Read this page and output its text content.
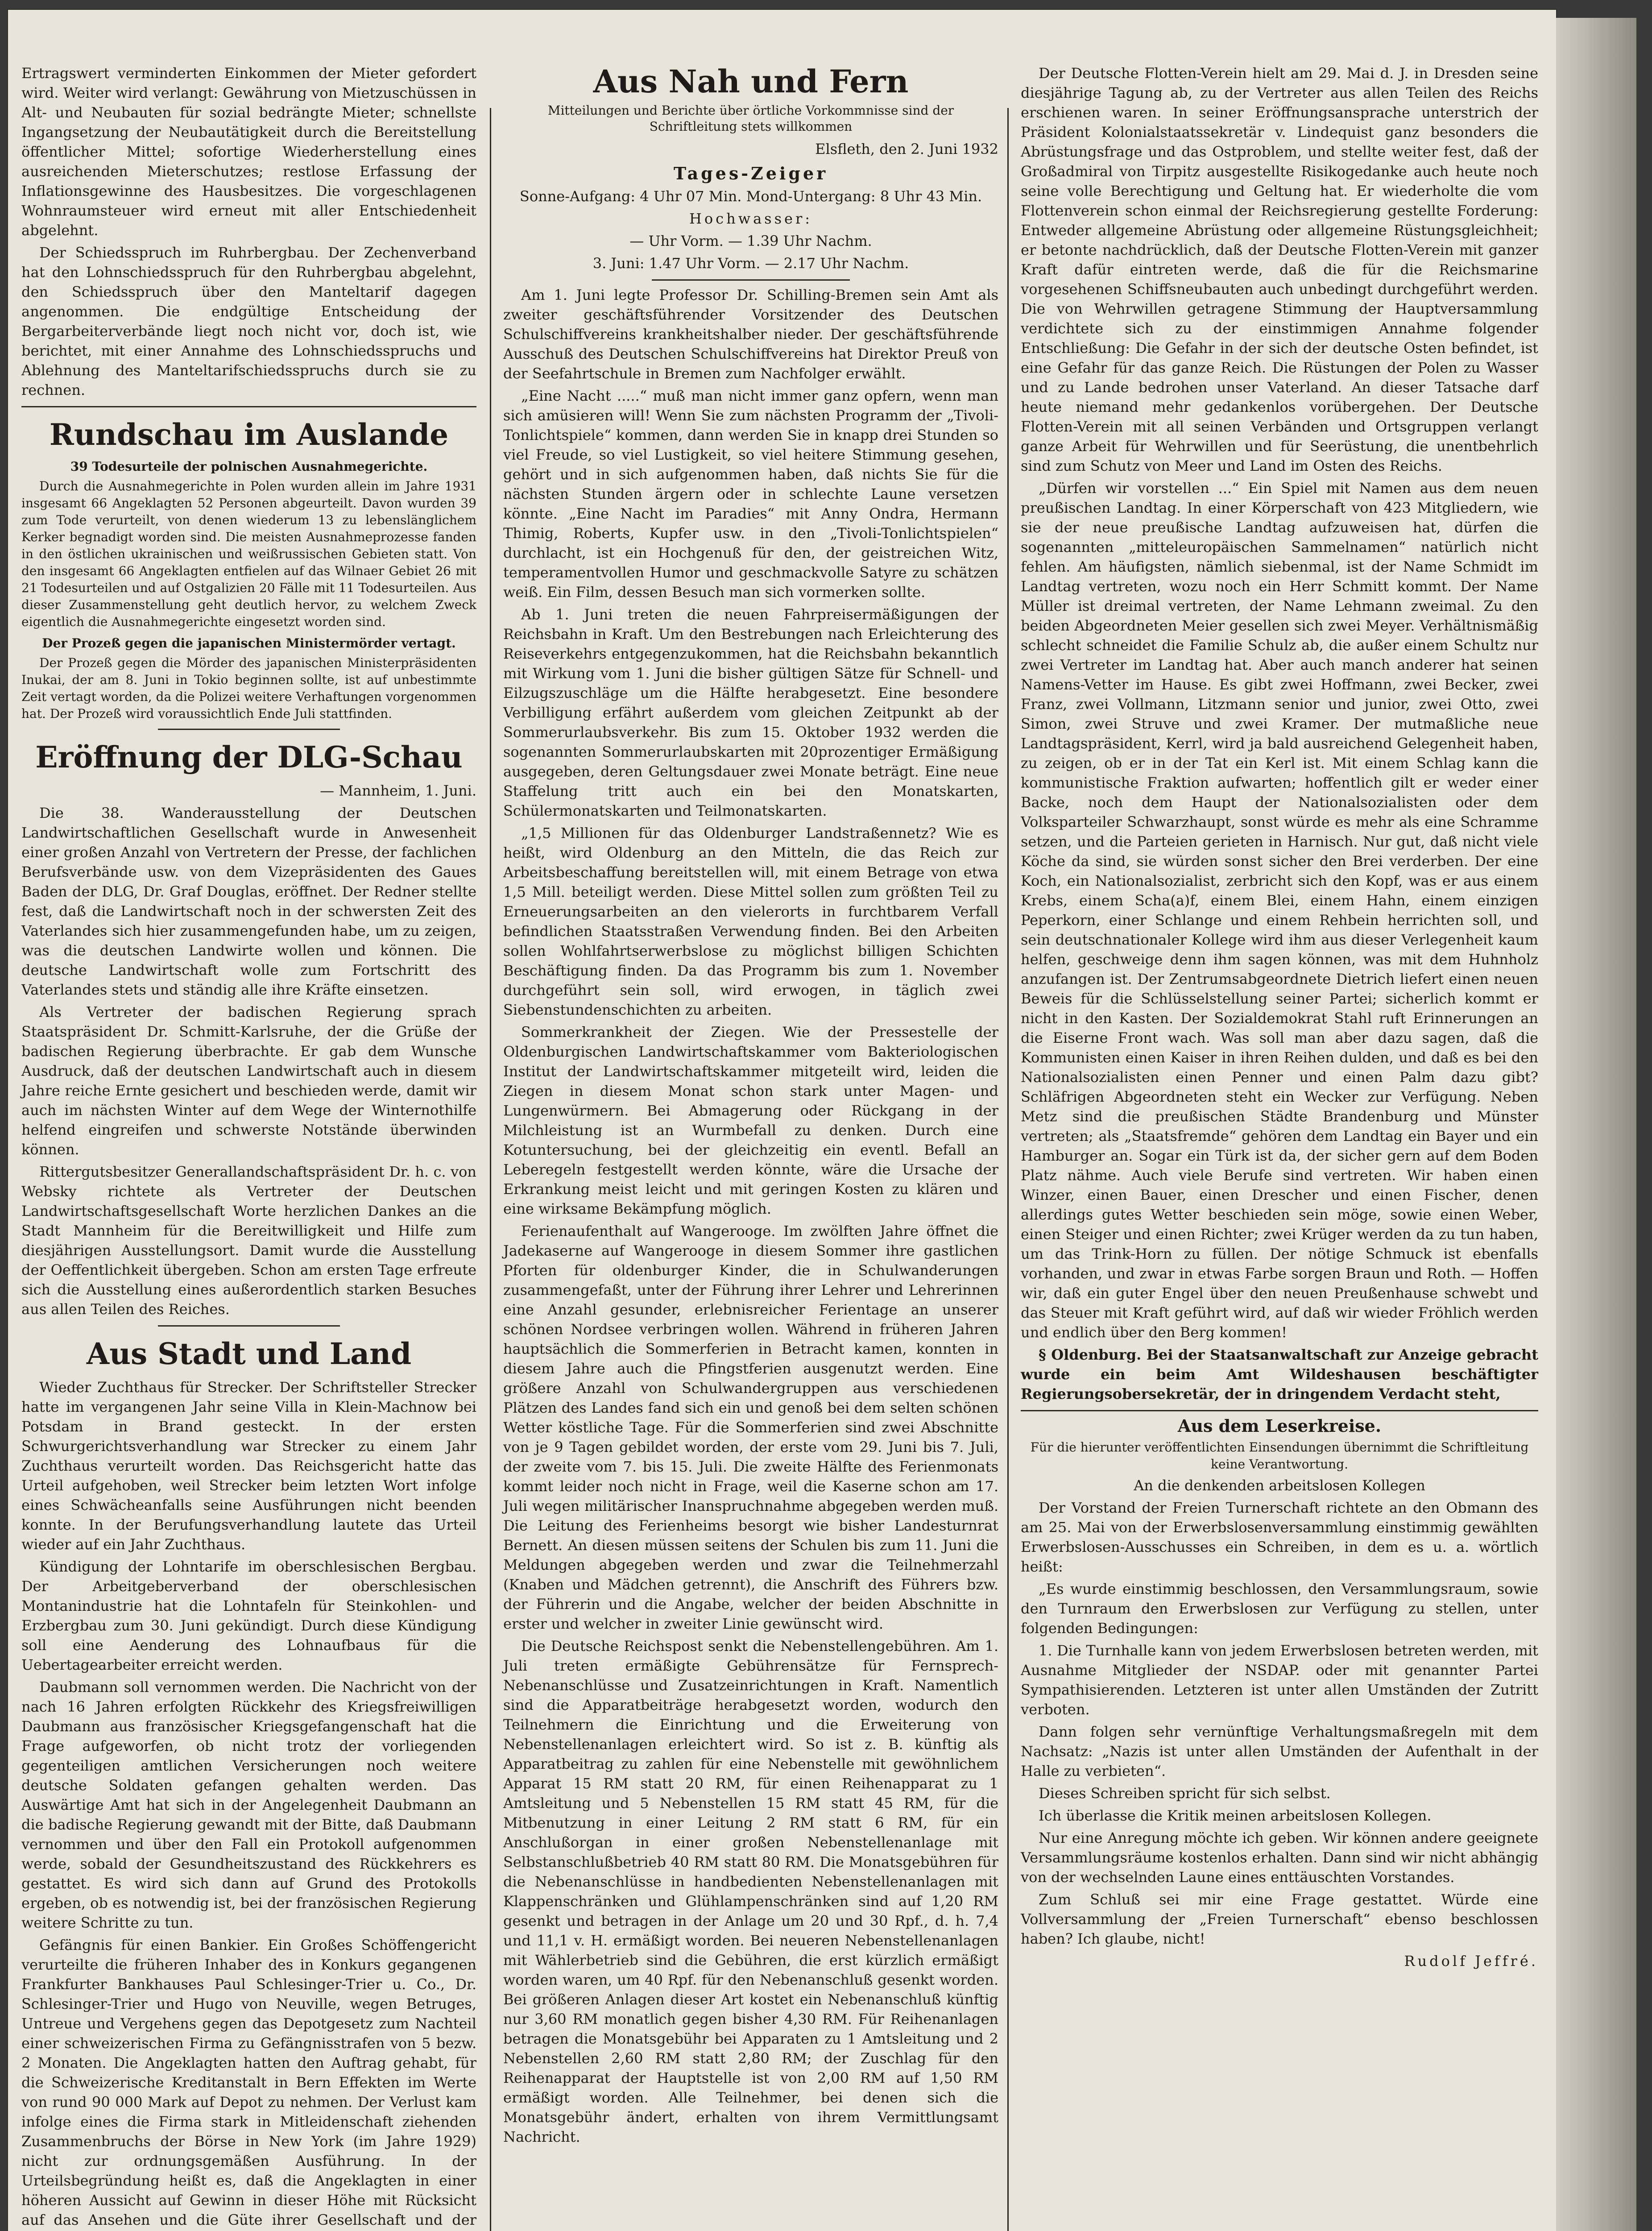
Ertragswert verminderten Einkommen der Mieter gefordert wird. Weiter wird verlangt: Gewährung von Mietzuschüssen in Alt- und Neubauten für sozial bedrängte Mieter; schnellste Ingangsetzung der Neubautätigkeit durch die Bereitstellung öffentlicher Mittel; sofortige Wiederherstellung eines ausreichenden Mieterschutzes; restlose Erfassung der Inflationsgewinne des Hausbesitzes. Die vorgeschlagenen Wohnraumsteuer wird erneut mit aller Entschiedenheit abgelehnt.

Der Schiedsspruch im Ruhrbergbau. Der Zechenverband hat den Lohnschiedsspruch für den Ruhrbergbau abgelehnt, den Schiedsspruch über den Manteltarif dagegen angenommen. Die endgültige Entscheidung der Bergarbeiterverbände liegt noch nicht vor, doch ist, wie berichtet, mit einer Annahme des Lohnschiedsspruchs und Ablehnung des Manteltarifschiedsspruchs durch sie zu rechnen.

Rundschau im Auslande
39 Todesurteile der polnischen Ausnahmegerichte.

Durch die Ausnahmegerichte in Polen wurden allein im Jahre 1931 insgesamt 66 Angeklagten 52 Personen abgeurteilt. Davon wurden 39 zum Tode verurteilt, von denen wiederum 13 zu lebenslänglichem Kerker begnadigt worden sind. Die meisten Ausnahmeprozesse fanden in den östlichen ukrainischen und weißrussischen Gebieten statt. Von den insgesamt 66 Angeklagten entfielen auf das Wilnaer Gebiet 26 mit 21 Todesurteilen und auf Ostgalizien 20 Fälle mit 11 Todesurteilen. Aus dieser Zusammenstellung geht deutlich hervor, zu welchem Zweck eigentlich die Ausnahmegerichte eingesetzt worden sind.

Der Prozeß gegen die japanischen Ministermörder vertagt.

Der Prozeß gegen die Mörder des japanischen Ministerpräsidenten Inukai, der am 8. Juni in Tokio beginnen sollte, ist auf unbestimmte Zeit vertagt worden, da die Polizei weitere Verhaftungen vorgenommen hat. Der Prozeß wird voraussichtlich Ende Juli stattfinden.

Eröffnung der DLG-Schau

— Mannheim, 1. Juni.

Die 38. Wanderausstellung der Deutschen Landwirtschaftlichen Gesellschaft wurde in Anwesenheit einer großen Anzahl von Vertretern der Presse, der fachlichen Berufsverbände usw. von dem Vizepräsidenten des Gaues Baden der DLG, Dr. Graf Douglas, eröffnet. Der Redner stellte fest, daß die Landwirtschaft noch in der schwersten Zeit des Vaterlandes sich hier zusammengefunden habe, um zu zeigen, was die deutschen Landwirte wollen und können. Die deutsche Landwirtschaft wolle zum Fortschritt des Vaterlandes stets und ständig alle ihre Kräfte einsetzen.

Als Vertreter der badischen Regierung sprach Staatspräsident Dr. Schmitt-Karlsruhe, der die Grüße der badischen Regierung überbrachte. Er gab dem Wunsche Ausdruck, daß der deutschen Landwirtschaft auch in diesem Jahre reiche Ernte gesichert und beschieden werde, damit wir auch im nächsten Winter auf dem Wege der Winternothilfe helfend eingreifen und schwerste Notstände überwinden können.

Rittergutsbesitzer Generallandschaftspräsident Dr. h. c. von Websky richtete als Vertreter der Deutschen Landwirtschaftsgesellschaft Worte herzlichen Dankes an die Stadt Mannheim für die Bereitwilligkeit und Hilfe zum diesjährigen Ausstellungsort. Damit wurde die Ausstellung der Oeffentlichkeit übergeben. Schon am ersten Tage erfreute sich die Ausstellung eines außerordentlich starken Besuches aus allen Teilen des Reiches.

Aus Stadt und Land

Wieder Zuchthaus für Strecker. Der Schriftsteller Strecker hatte im vergangenen Jahr seine Villa in Klein-Machnow bei Potsdam in Brand gesteckt. In der ersten Schwurgerichtsverhandlung war Strecker zu einem Jahr Zuchthaus verurteilt worden. Das Reichsgericht hatte das Urteil aufgehoben, weil Strecker beim letzten Wort infolge eines Schwächeanfalls seine Ausführungen nicht beenden konnte. In der Berufungsverhandlung lautete das Urteil wieder auf ein Jahr Zuchthaus.

Kündigung der Lohntarife im oberschlesischen Bergbau. Der Arbeitgeberverband der oberschlesischen Montanindustrie hat die Lohntafeln für Steinkohlen- und Erzbergbau zum 30. Juni gekündigt. Durch diese Kündigung soll eine Aenderung des Lohnaufbaus für die Uebertagearbeiter erreicht werden.

Daubmann soll vernommen werden. Die Nachricht von der nach 16 Jahren erfolgten Rückkehr des Kriegsfreiwilligen Daubmann aus französischer Kriegsgefangenschaft hat die Frage aufgeworfen, ob nicht trotz der vorliegenden gegenteiligen amtlichen Versicherungen noch weitere deutsche Soldaten gefangen gehalten werden. Das Auswärtige Amt hat sich in der Angelegenheit Daubmann an die badische Regierung gewandt mit der Bitte, daß Daubmann vernommen und über den Fall ein Protokoll aufgenommen werde, sobald der Gesundheitszustand des Rückkehrers es gestattet. Es wird sich dann auf Grund des Protokolls ergeben, ob es notwendig ist, bei der französischen Regierung weitere Schritte zu tun.

Gefängnis für einen Bankier. Ein Großes Schöffengericht verurteilte die früheren Inhaber des in Konkurs gegangenen Frankfurter Bankhauses Paul Schlesinger-Trier u. Co., Dr. Schlesinger-Trier und Hugo von Neuville, wegen Betruges, Untreue und Vergehens gegen das Depotgesetz zum Nachteil einer schweizerischen Firma zu Gefängnisstrafen von 5 bezw. 2 Monaten. Die Angeklagten hatten den Auftrag gehabt, für die Schweizerische Kreditanstalt in Bern Effekten im Werte von rund 90 000 Mark auf Depot zu nehmen. Der Verlust kam infolge eines die Firma stark in Mitleidenschaft ziehenden Zusammenbruchs der Börse in New York (im Jahre 1929) nicht zur ordnungsgemäßen Ausführung. In der Urteilsbegründung heißt es, daß die Angeklagten in einer höheren Aussicht auf Gewinn in dieser Höhe mit Rücksicht auf das Ansehen und die Güte ihrer Gesellschaft und der

Aus Nah und Fern
Mitteilungen und Berichte über örtliche Vorkommnisse sind der Schriftleitung stets willkommen

Elsfleth, den 2. Juni 1932

Tages-Zeiger

Sonne-Aufgang: 4 Uhr 07 Min. Mond-Untergang: 8 Uhr 43 Min.

Hochwasser:

— Uhr Vorm. — 1.39 Uhr Nachm.

3. Juni: 1.47 Uhr Vorm. — 2.17 Uhr Nachm.

Am 1. Juni legte Professor Dr. Schilling-Bremen sein Amt als zweiter geschäftsführender Vorsitzender des Deutschen Schulschiffvereins krankheitshalber nieder. Der geschäftsführende Ausschuß des Deutschen Schulschiffvereins hat Direktor Preuß von der Seefahrtschule in Bremen zum Nachfolger erwählt.

„Eine Nacht .....“ muß man nicht immer ganz opfern, wenn man sich amüsieren will! Wenn Sie zum nächsten Programm der „Tivoli-Tonlichtspiele“ kommen, dann werden Sie in knapp drei Stunden so viel Freude, so viel Lustigkeit, so viel heitere Stimmung gesehen, gehört und in sich aufgenommen haben, daß nichts Sie für die nächsten Stunden ärgern oder in schlechte Laune versetzen könnte. „Eine Nacht im Paradies“ mit Anny Ondra, Hermann Thimig, Roberts, Kupfer usw. in den „Tivoli-Tonlichtspielen“ durchlacht, ist ein Hochgenuß für den, der geistreichen Witz, temperamentvollen Humor und geschmackvolle Satyre zu schätzen weiß. Ein Film, dessen Besuch man sich vormerken sollte.

Ab 1. Juni treten die neuen Fahrpreisermäßigungen der Reichsbahn in Kraft. Um den Bestrebungen nach Erleichterung des Reiseverkehrs entgegenzukommen, hat die Reichsbahn bekanntlich mit Wirkung vom 1. Juni die bisher gültigen Sätze für Schnell- und Eilzugszuschläge um die Hälfte herabgesetzt. Eine besondere Verbilligung erfährt außerdem vom gleichen Zeitpunkt ab der Sommerurlaubsverkehr. Bis zum 15. Oktober 1932 werden die sogenannten Sommerurlaubskarten mit 20prozentiger Ermäßigung ausgegeben, deren Geltungsdauer zwei Monate beträgt. Eine neue Staffelung tritt auch ein bei den Monatskarten, Schülermonatskarten und Teilmonatskarten.

„1,5 Millionen für das Oldenburger Landstraßennetz? Wie es heißt, wird Oldenburg an den Mitteln, die das Reich zur Arbeitsbeschaffung bereitstellen will, mit einem Betrage von etwa 1,5 Mill. beteiligt werden. Diese Mittel sollen zum größten Teil zu Erneuerungsarbeiten an den vielerorts in furchtbarem Verfall befindlichen Staatsstraßen Verwendung finden. Bei den Arbeiten sollen Wohlfahrtserwerbslose zu möglichst billigen Schichten Beschäftigung finden. Da das Programm bis zum 1. November durchgeführt sein soll, wird erwogen, in täglich zwei Siebenstundenschichten zu arbeiten.

Sommerkrankheit der Ziegen. Wie der Pressestelle der Oldenburgischen Landwirtschaftskammer vom Bakteriologischen Institut der Landwirtschaftskammer mitgeteilt wird, leiden die Ziegen in diesem Monat schon stark unter Magen- und Lungenwürmern. Bei Abmagerung oder Rückgang in der Milchleistung ist an Wurmbefall zu denken. Durch eine Kotuntersuchung, bei der gleichzeitig ein eventl. Befall an Leberegeln festgestellt werden könnte, wäre die Ursache der Erkrankung meist leicht und mit geringen Kosten zu klären und eine wirksame Bekämpfung möglich.

Ferienaufenthalt auf Wangerooge. Im zwölften Jahre öffnet die Jadekaserne auf Wangerooge in diesem Sommer ihre gastlichen Pforten für oldenburger Kinder, die in Schulwanderungen zusammengefaßt, unter der Führung ihrer Lehrer und Lehrerinnen eine Anzahl gesunder, erlebnisreicher Ferientage an unserer schönen Nordsee verbringen wollen. Während in früheren Jahren hauptsächlich die Sommerferien in Betracht kamen, konnten in diesem Jahre auch die Pfingstferien ausgenutzt werden. Eine größere Anzahl von Schulwandergruppen aus verschiedenen Plätzen des Landes fand sich ein und genoß bei dem selten schönen Wetter köstliche Tage. Für die Sommerferien sind zwei Abschnitte von je 9 Tagen gebildet worden, der erste vom 29. Juni bis 7. Juli, der zweite vom 7. bis 15. Juli. Die zweite Hälfte des Ferienmonats kommt leider noch nicht in Frage, weil die Kaserne schon am 17. Juli wegen militärischer Inanspruchnahme abgegeben werden muß. Die Leitung des Ferienheims besorgt wie bisher Landesturnrat Bernett. An diesen müssen seitens der Schulen bis zum 11. Juni die Meldungen abgegeben werden und zwar die Teilnehmerzahl (Knaben und Mädchen getrennt), die Anschrift des Führers bzw. der Führerin und die Angabe, welcher der beiden Abschnitte in erster und welcher in zweiter Linie gewünscht wird.

Die Deutsche Reichspost senkt die Nebenstellengebühren. Am 1. Juli treten ermäßigte Gebührensätze für Fernsprech-Nebenanschlüsse und Zusatzeinrichtungen in Kraft. Namentlich sind die Apparatbeiträge herabgesetzt worden, wodurch den Teilnehmern die Einrichtung und die Erweiterung von Nebenstellenanlagen erleichtert wird. So ist z. B. künftig als Apparatbeitrag zu zahlen für eine Nebenstelle mit gewöhnlichem Apparat 15 RM statt 20 RM, für einen Reihenapparat zu 1 Amtsleitung und 5 Nebenstellen 15 RM statt 45 RM, für die Mitbenutzung in einer Leitung 2 RM statt 6 RM, für ein Anschlußorgan in einer großen Nebenstellenanlage mit Selbstanschlußbetrieb 40 RM statt 80 RM. Die Monatsgebühren für die Nebenanschlüsse in handbedienten Nebenstellenanlagen mit Klappenschränken und Glühlampenschränken sind auf 1,20 RM gesenkt und betragen in der Anlage um 20 und 30 Rpf., d. h. 7,4 und 11,1 v. H. ermäßigt worden. Bei neueren Nebenstellenanlagen mit Wählerbetrieb sind die Gebühren, die erst kürzlich ermäßigt worden waren, um 40 Rpf. für den Nebenanschluß gesenkt worden. Bei größeren Anlagen dieser Art kostet ein Nebenanschluß künftig nur 3,60 RM monatlich gegen bisher 4,30 RM. Für Reihenanlagen betragen die Monatsgebühr bei Apparaten zu 1 Amtsleitung und 2 Nebenstellen 2,60 RM statt 2,80 RM; der Zuschlag für den Reihenapparat der Hauptstelle ist von 2,00 RM auf 1,50 RM ermäßigt worden. Alle Teilnehmer, bei denen sich die Monatsgebühr ändert, erhalten von ihrem Vermittlungsamt Nachricht.

Der Deutsche Flotten-Verein hielt am 29. Mai d. J. in Dresden seine diesjährige Tagung ab, zu der Vertreter aus allen Teilen des Reichs erschienen waren. In seiner Eröffnungsansprache unterstrich der Präsident Kolonialstaatssekretär v. Lindequist ganz besonders die Abrüstungsfrage und das Ostproblem, und stellte weiter fest, daß der Großadmiral von Tirpitz ausgestellte Risikogedanke auch heute noch seine volle Berechtigung und Geltung hat. Er wiederholte die vom Flottenverein schon einmal der Reichsregierung gestellte Forderung: Entweder allgemeine Abrüstung oder allgemeine Rüstungsgleichheit; er betonte nachdrücklich, daß der Deutsche Flotten-Verein mit ganzer Kraft dafür eintreten werde, daß die für die Reichsmarine vorgesehenen Schiffsneubauten auch unbedingt durchgeführt werden. Die von Wehrwillen getragene Stimmung der Hauptversammlung verdichtete sich zu der einstimmigen Annahme folgender Entschließung: Die Gefahr in der sich der deutsche Osten befindet, ist eine Gefahr für das ganze Reich. Die Rüstungen der Polen zu Wasser und zu Lande bedrohen unser Vaterland. An dieser Tatsache darf heute niemand mehr gedankenlos vorübergehen. Der Deutsche Flotten-Verein mit all seinen Verbänden und Ortsgruppen verlangt ganze Arbeit für Wehrwillen und für Seerüstung, die unentbehrlich sind zum Schutz von Meer und Land im Osten des Reichs.

„Dürfen wir vorstellen ...“ Ein Spiel mit Namen aus dem neuen preußischen Landtag. In einer Körperschaft von 423 Mitgliedern, wie sie der neue preußische Landtag aufzuweisen hat, dürfen die sogenannten „mitteleuropäischen Sammelnamen“ natürlich nicht fehlen. Am häufigsten, nämlich siebenmal, ist der Name Schmidt im Landtag vertreten, wozu noch ein Herr Schmitt kommt. Der Name Müller ist dreimal vertreten, der Name Lehmann zweimal. Zu den beiden Abgeordneten Meier gesellen sich zwei Meyer. Verhältnismäßig schlecht schneidet die Familie Schulz ab, die außer einem Schultz nur zwei Vertreter im Landtag hat. Aber auch manch anderer hat seinen Namens-Vetter im Hause. Es gibt zwei Hoffmann, zwei Becker, zwei Franz, zwei Vollmann, Litzmann senior und junior, zwei Otto, zwei Simon, zwei Struve und zwei Kramer. Der mutmaßliche neue Landtagspräsident, Kerrl, wird ja bald ausreichend Gelegenheit haben, zu zeigen, ob er in der Tat ein Kerl ist. Mit einem Schlag kann die kommunistische Fraktion aufwarten; hoffentlich gilt er weder einer Backe, noch dem Haupt der Nationalsozialisten oder dem Volksparteiler Schwarzhaupt, sonst würde es mehr als eine Schramme setzen, und die Parteien gerieten in Harnisch. Nur gut, daß nicht viele Köche da sind, sie würden sonst sicher den Brei verderben. Der eine Koch, ein Nationalsozialist, zerbricht sich den Kopf, was er aus einem Krebs, einem Scha(a)f, einem Blei, einem Hahn, einem einzigen Peperkorn, einer Schlange und einem Rehbein herrichten soll, und sein deutschnationaler Kollege wird ihm aus dieser Verlegenheit kaum helfen, geschweige denn ihm sagen können, was mit dem Huhnholz anzufangen ist. Der Zentrumsabgeordnete Dietrich liefert einen neuen Beweis für die Schlüsselstellung seiner Partei; sicherlich kommt er nicht in den Kasten. Der Sozialdemokrat Stahl ruft Erinnerungen an die Eiserne Front wach. Was soll man aber dazu sagen, daß die Kommunisten einen Kaiser in ihren Reihen dulden, und daß es bei den Nationalsozialisten einen Penner und einen Palm dazu gibt? Schläfrigen Abgeordneten steht ein Wecker zur Verfügung. Neben Metz sind die preußischen Städte Brandenburg und Münster vertreten; als „Staatsfremde“ gehören dem Landtag ein Bayer und ein Hamburger an. Sogar ein Türk ist da, der sicher gern auf dem Boden Platz nähme. Auch viele Berufe sind vertreten. Wir haben einen Winzer, einen Bauer, einen Drescher und einen Fischer, denen allerdings gutes Wetter beschieden sein möge, sowie einen Weber, einen Steiger und einen Richter; zwei Krüger werden da zu tun haben, um das Trink-Horn zu füllen. Der nötige Schmuck ist ebenfalls vorhanden, und zwar in etwas Farbe sorgen Braun und Roth. — Hoffen wir, daß ein guter Engel über den neuen Preußenhause schwebt und das Steuer mit Kraft geführt wird, auf daß wir wieder Fröhlich werden und endlich über den Berg kommen!

§ Oldenburg. Bei der Staatsanwaltschaft zur Anzeige gebracht wurde ein beim Amt Wildeshausen beschäftigter Regierungsobersekretär, der in dringendem Verdacht steht,

Aus dem Leserkreise.

Für die hierunter veröffentlichten Einsendungen übernimmt die Schriftleitung keine Verantwortung.

An die denkenden arbeitslosen Kollegen

Der Vorstand der Freien Turnerschaft richtete an den Obmann des am 25. Mai von der Erwerbslosenversammlung einstimmig gewählten Erwerbslosen-Ausschusses ein Schreiben, in dem es u. a. wörtlich heißt:

„Es wurde einstimmig beschlossen, den Versammlungsraum, sowie den Turnraum den Erwerbslosen zur Verfügung zu stellen, unter folgenden Bedingungen:

1. Die Turnhalle kann von jedem Erwerbslosen betreten werden, mit Ausnahme Mitglieder der NSDAP. oder mit genannter Partei Sympathisierenden. Letzteren ist unter allen Umständen der Zutritt verboten.

Dann folgen sehr vernünftige Verhaltungsmaßregeln mit dem Nachsatz: „Nazis ist unter allen Umständen der Aufenthalt in der Halle zu verbieten“.

Dieses Schreiben spricht für sich selbst.

Ich überlasse die Kritik meinen arbeitslosen Kollegen.

Nur eine Anregung möchte ich geben. Wir können andere geeignete Versammlungsräume kostenlos erhalten. Dann sind wir nicht abhängig von der wechselnden Laune eines enttäuschten Vorstandes.

Zum Schluß sei mir eine Frage gestattet. Würde eine Vollversammlung der „Freien Turnerschaft“ ebenso beschlossen haben? Ich glaube, nicht!

Rudolf Jeffré.
